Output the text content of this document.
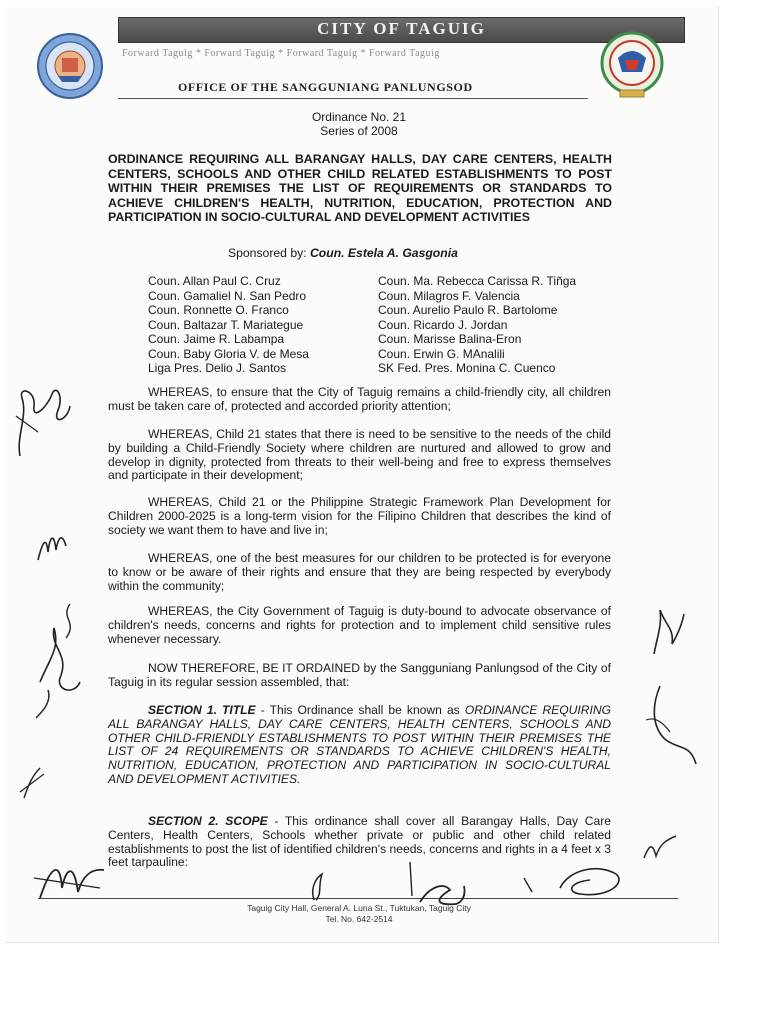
CITY OF TAGUIG
Forward Taguig * Forward Taguig * Forward Taguig * Forward Taguig
OFFICE OF THE SANGGUNIANG PANLUNGSOD
Ordinance No. 21
Series of 2008
ORDINANCE REQUIRING ALL BARANGAY HALLS, DAY CARE CENTERS, HEALTH CENTERS, SCHOOLS AND OTHER CHILD RELATED ESTABLISHMENTS TO POST WITHIN THEIR PREMISES THE LIST OF REQUIREMENTS OR STANDARDS TO ACHIEVE CHILDREN'S HEALTH, NUTRITION, EDUCATION, PROTECTION AND PARTICIPATION IN SOCIO-CULTURAL AND DEVELOPMENT ACTIVITIES
Sponsored by: Coun. Estela A. Gasgonia
Coun. Allan Paul C. Cruz
Coun. Gamaliel N. San Pedro
Coun. Ronnette O. Franco
Coun. Baltazar T. Mariategue
Coun. Jaime R. Labampa
Coun. Baby Gloria V. de Mesa
Liga Pres. Delio J. Santos
Coun. Ma. Rebecca Carissa R. Tiñga
Coun. Milagros F. Valencia
Coun. Aurelio Paulo R. Bartolome
Coun. Ricardo J. Jordan
Coun. Marisse Balina-Eron
Coun. Erwin G. MAnalili
SK Fed. Pres. Monina C. Cuenco

WHEREAS, to ensure that the City of Taguig remains a child-friendly city, all children must be taken care of, protected and accorded priority attention;

WHEREAS, Child 21 states that there is need to be sensitive to the needs of the child by building a Child-Friendly Society where children are nurtured and allowed to grow and develop in dignity, protected from threats to their well-being and free to express themselves and participate in their development;

WHEREAS, Child 21 or the Philippine Strategic Framework Plan Development for Children 2000-2025 is a long-term vision for the Filipino Children that describes the kind of society we want them to have and live in;

WHEREAS, one of the best measures for our children to be protected is for everyone to know or be aware of their rights and ensure that they are being respected by everybody within the community;

WHEREAS, the City Government of Taguig is duty-bound to advocate observance of children's needs, concerns and rights for protection and to implement child sensitive rules whenever necessary.

NOW THEREFORE, BE IT ORDAINED by the Sangguniang Panlungsod of the City of Taguig in its regular session assembled, that:

SECTION 1. TITLE - This Ordinance shall be known as ORDINANCE REQUIRING ALL BARANGAY HALLS, DAY CARE CENTERS, HEALTH CENTERS, SCHOOLS AND OTHER CHILD-FRIENDLY ESTABLISHMENTS TO POST WITHIN THEIR PREMISES THE LIST OF 24 REQUIREMENTS OR STANDARDS TO ACHIEVE CHILDREN'S HEALTH, NUTRITION, EDUCATION, PROTECTION AND PARTICIPATION IN SOCIO-CULTURAL AND DEVELOPMENT ACTIVITIES.

SECTION 2. SCOPE - This ordinance shall cover all Barangay Halls, Day Care Centers, Health Centers, Schools whether private or public and other child related establishments to post the list of identified children's needs, concerns and rights in a 4 feet x 3 feet tarpauline:

Taguig City Hall, General A. Luna St., Tuktukan, Taguig City
Tel. No. 642-2514
